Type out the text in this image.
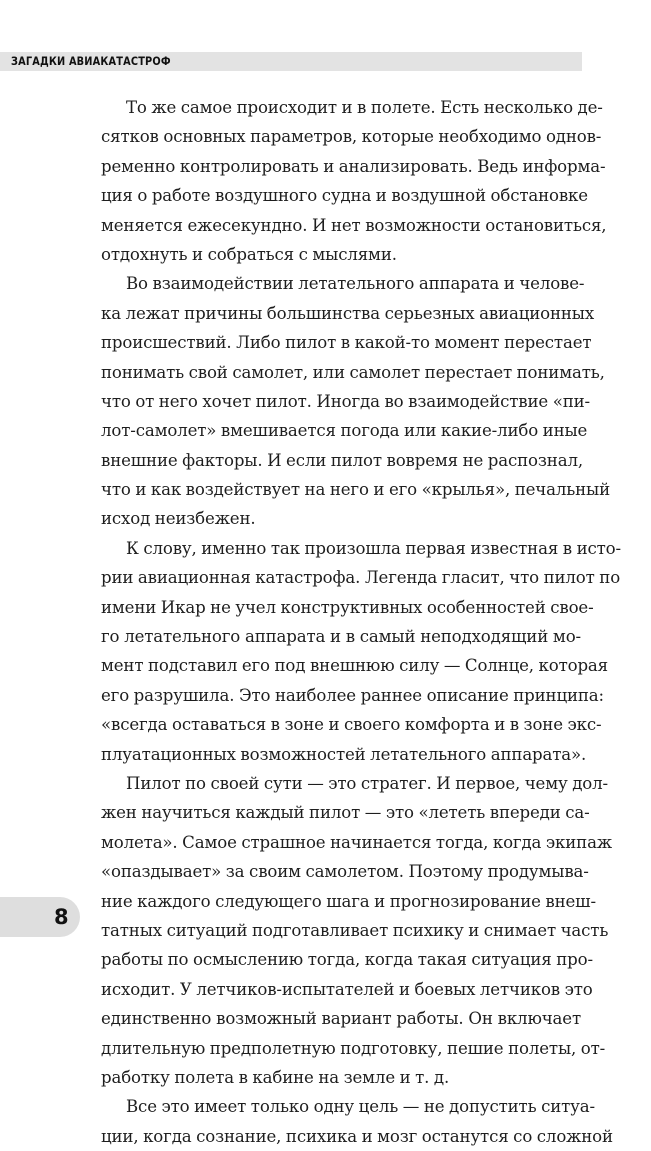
ЗАГАДКИ АВИАКАТАСТРОФ
То же самое происходит и в полете. Есть несколько де-
сятков основных параметров, которые необходимо однов-
ременно контролировать и анализировать. Ведь информа-
ция о работе воздушного судна и воздушной обстановке
меняется ежесекундно. И нет возможности остановиться,
отдохнуть и собраться с мыслями.
Во взаимодействии летательного аппарата и челове-
ка лежат причины большинства серьезных авиационных
происшествий. Либо пилот в какой-то момент перестает
понимать свой самолет, или самолет перестает понимать,
что от него хочет пилот. Иногда во взаимодействие «пи-
лот-самолет» вмешивается погода или какие-либо иные
внешние факторы. И если пилот вовремя не распознал,
что и как воздействует на него и его «крылья», печальный
исход неизбежен.
К слову, именно так произошла первая известная в исто-
рии авиационная катастрофа. Легенда гласит, что пилот по
имени Икар не учел конструктивных особенностей свое-
го летательного аппарата и в самый неподходящий мо-
мент подставил его под внешнюю силу — Солнце, которая
его разрушила. Это наиболее раннее описание принципа:
«всегда оставаться в зоне и своего комфорта и в зоне экс-
плуатационных возможностей летательного аппарата».
Пилот по своей сути — это стратег. И первое, чему дол-
жен научиться каждый пилот — это «лететь впереди са-
молета». Самое страшное начинается тогда, когда экипаж
«опаздывает» за своим самолетом. Поэтому продумыва-
ние каждого следующего шага и прогнозирование внеш-
татных ситуаций подготавливает психику и снимает часть
работы по осмыслению тогда, когда такая ситуация про-
исходит. У летчиков-испытателей и боевых летчиков это
единственно возможный вариант работы. Он включает
длительную предполетную подготовку, пешие полеты, от-
работку полета в кабине на земле и т. д.
Все это имеет только одну цель — не допустить ситуа-
ции, когда сознание, психика и мозг останутся со сложной
8
